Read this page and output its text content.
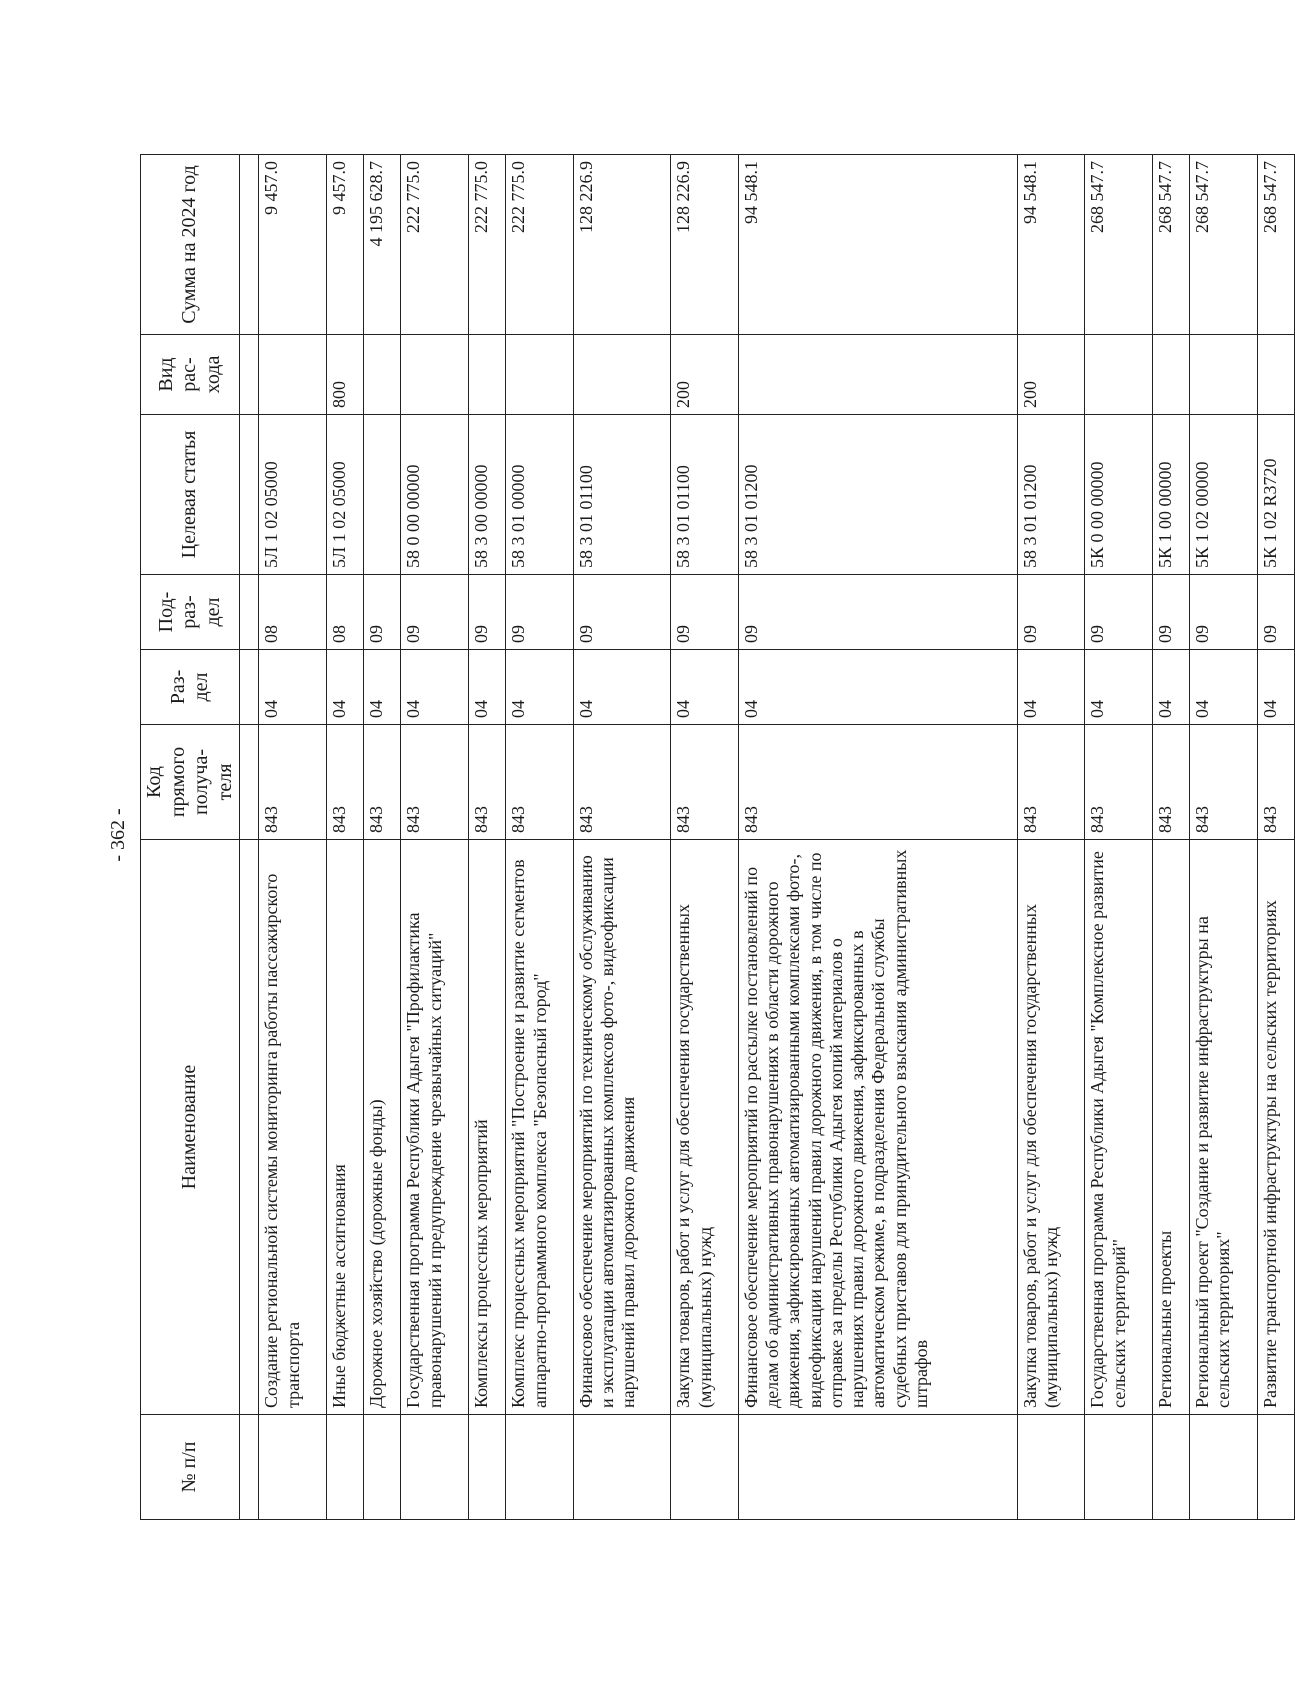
- 362 -
№ п/п	Наименование	Код прямого получа-теля	Раз-дел	Под-раз-дел	Целевая статья	Вид рас-хода	Сумма на 2024 год

	Создание региональной системы мониторинга работы пассажирского транспорта	843	04	08	5Л 1 02 05000		9 457.0
	Иные бюджетные ассигнования	843	04	08	5Л 1 02 05000	800	9 457.0
	Дорожное хозяйство (дорожные фонды)	843	04	09			4 195 628.7
	Государственная программа Республики Адыгея "Профилактика правонарушений и предупреждение чрезвычайных ситуаций"	843	04	09	58 0 00 00000		222 775.0
	Комплексы процессных мероприятий	843	04	09	58 3 00 00000		222 775.0
	Комплекс процессных мероприятий "Построение и развитие сегментов аппаратно-программного комплекса "Безопасный город"	843	04	09	58 3 01 00000		222 775.0
	Финансовое обеспечение мероприятий по техническому обслуживанию и эксплуатации автоматизированных комплексов фото-, видеофиксации нарушений правил дорожного движения	843	04	09	58 3 01 01100		128 226.9
	Закупка товаров, работ и услуг для обеспечения государственных (муниципальных) нужд	843	04	09	58 3 01 01100	200	128 226.9
	Финансовое обеспечение мероприятий по рассылке постановлений по делам об административных правонарушениях в области дорожного движения, зафиксированных автоматизированными комплексами фото-, видеофиксации нарушений правил дорожного движения, в том числе по отправке за пределы Республики Адыгея копий материалов о нарушениях правил дорожного движения, зафиксированных в автоматическом режиме, в подразделения Федеральной службы судебных приставов для принудительного взыскания административных штрафов	843	04	09	58 3 01 01200		94 548.1
	Закупка товаров, работ и услуг для обеспечения государственных (муниципальных) нужд	843	04	09	58 3 01 01200	200	94 548.1
	Государственная программа Республики Адыгея "Комплексное развитие сельских территорий"	843	04	09	5К 0 00 00000		268 547.7
	Региональные проекты	843	04	09	5К 1 00 00000		268 547.7
	Региональный проект "Создание и развитие инфраструктуры на сельских территориях"	843	04	09	5К 1 02 00000		268 547.7
	Развитие транспортной инфраструктуры на сельских территориях	843	04	09	5К 1 02 R3720		268 547.7
